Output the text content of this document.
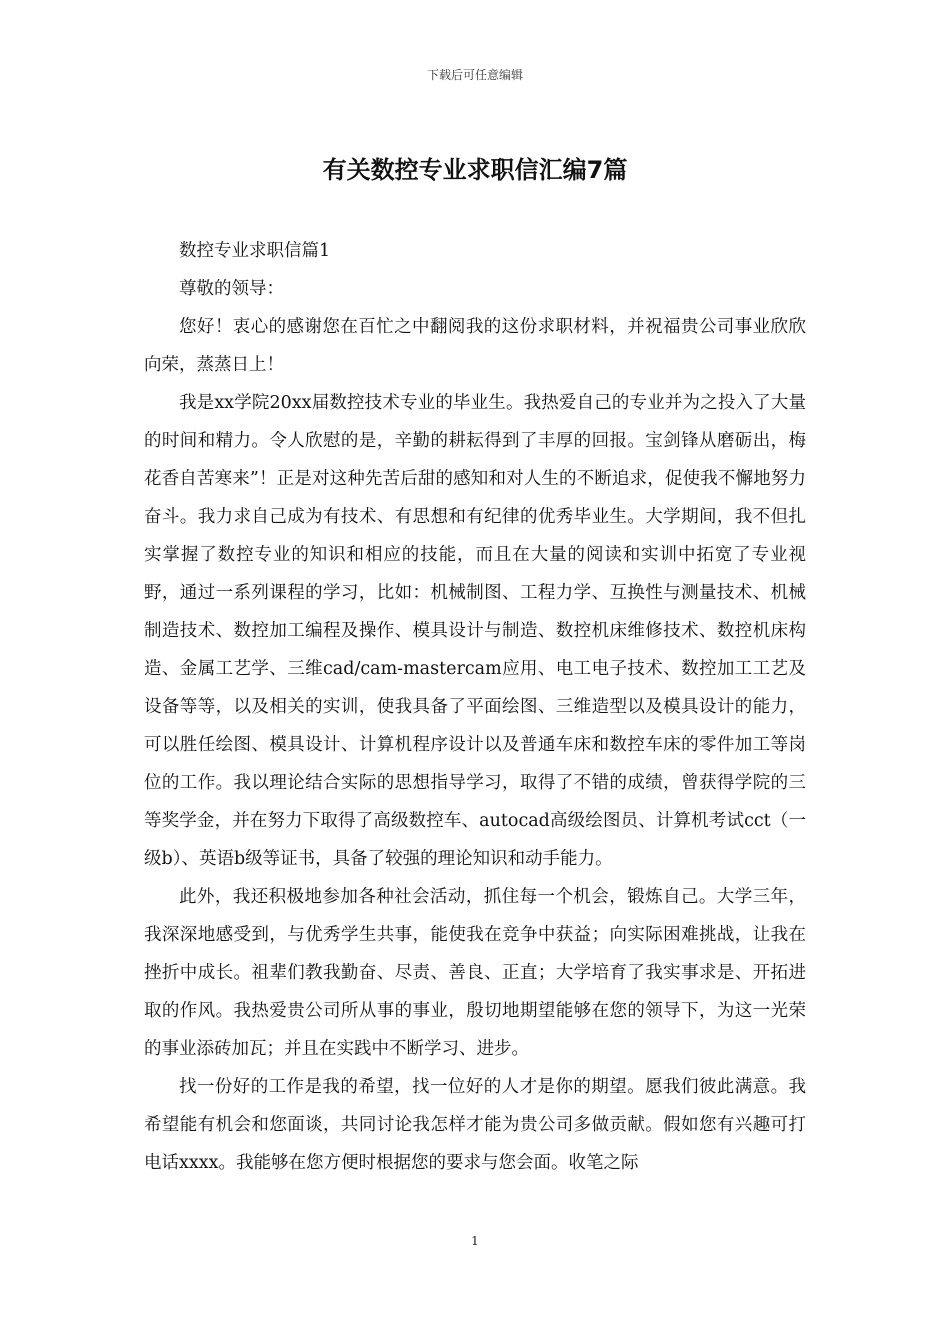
下载后可任意编辑
有关数控专业求职信汇编7篇

数控专业求职信篇1

尊敬的领导：

您好！衷心的感谢您在百忙之中翻阅我的这份求职材料，并祝福贵公司事业欣欣向荣，蒸蒸日上！

我是xx学院20xx届数控技术专业的毕业生。我热爱自己的专业并为之投入了大量的时间和精力。令人欣慰的是，辛勤的耕耘得到了丰厚的回报。宝剑锋从磨砺出，梅花香自苦寒来”！正是对这种先苦后甜的感知和对人生的不断追求，促使我不懈地努力奋斗。我力求自己成为有技术、有思想和有纪律的优秀毕业生。大学期间，我不但扎实掌握了数控专业的知识和相应的技能，而且在大量的阅读和实训中拓宽了专业视野，通过一系列课程的学习，比如：机械制图、工程力学、互换性与测量技术、机械制造技术、数控加工编程及操作、模具设计与制造、数控机床维修技术、数控机床构造、金属工艺学、三维cad/cam-mastercam应用、电工电子技术、数控加工工艺及设备等等，以及相关的实训，使我具备了平面绘图、三维造型以及模具设计的能力，可以胜任绘图、模具设计、计算机程序设计以及普通车床和数控车床的零件加工等岗位的工作。我以理论结合实际的思想指导学习，取得了不错的成绩，曾获得学院的三等奖学金，并在努力下取得了高级数控车、autocad高级绘图员、计算机考试cct（一级b）、英语b级等证书，具备了较强的理论知识和动手能力。

此外，我还积极地参加各种社会活动，抓住每一个机会，锻炼自己。大学三年，我深深地感受到，与优秀学生共事，能使我在竞争中获益；向实际困难挑战，让我在挫折中成长。祖辈们教我勤奋、尽责、善良、正直；大学培育了我实事求是、开拓进取的作风。我热爱贵公司所从事的事业，殷切地期望能够在您的领导下，为这一光荣的事业添砖加瓦；并且在实践中不断学习、进步。

找一份好的工作是我的希望，找一位好的人才是你的期望。愿我们彼此满意。我希望能有机会和您面谈，共同讨论我怎样才能为贵公司多做贡献。假如您有兴趣可打电话xxxx。我能够在您方便时根据您的要求与您会面。收笔之际

1
